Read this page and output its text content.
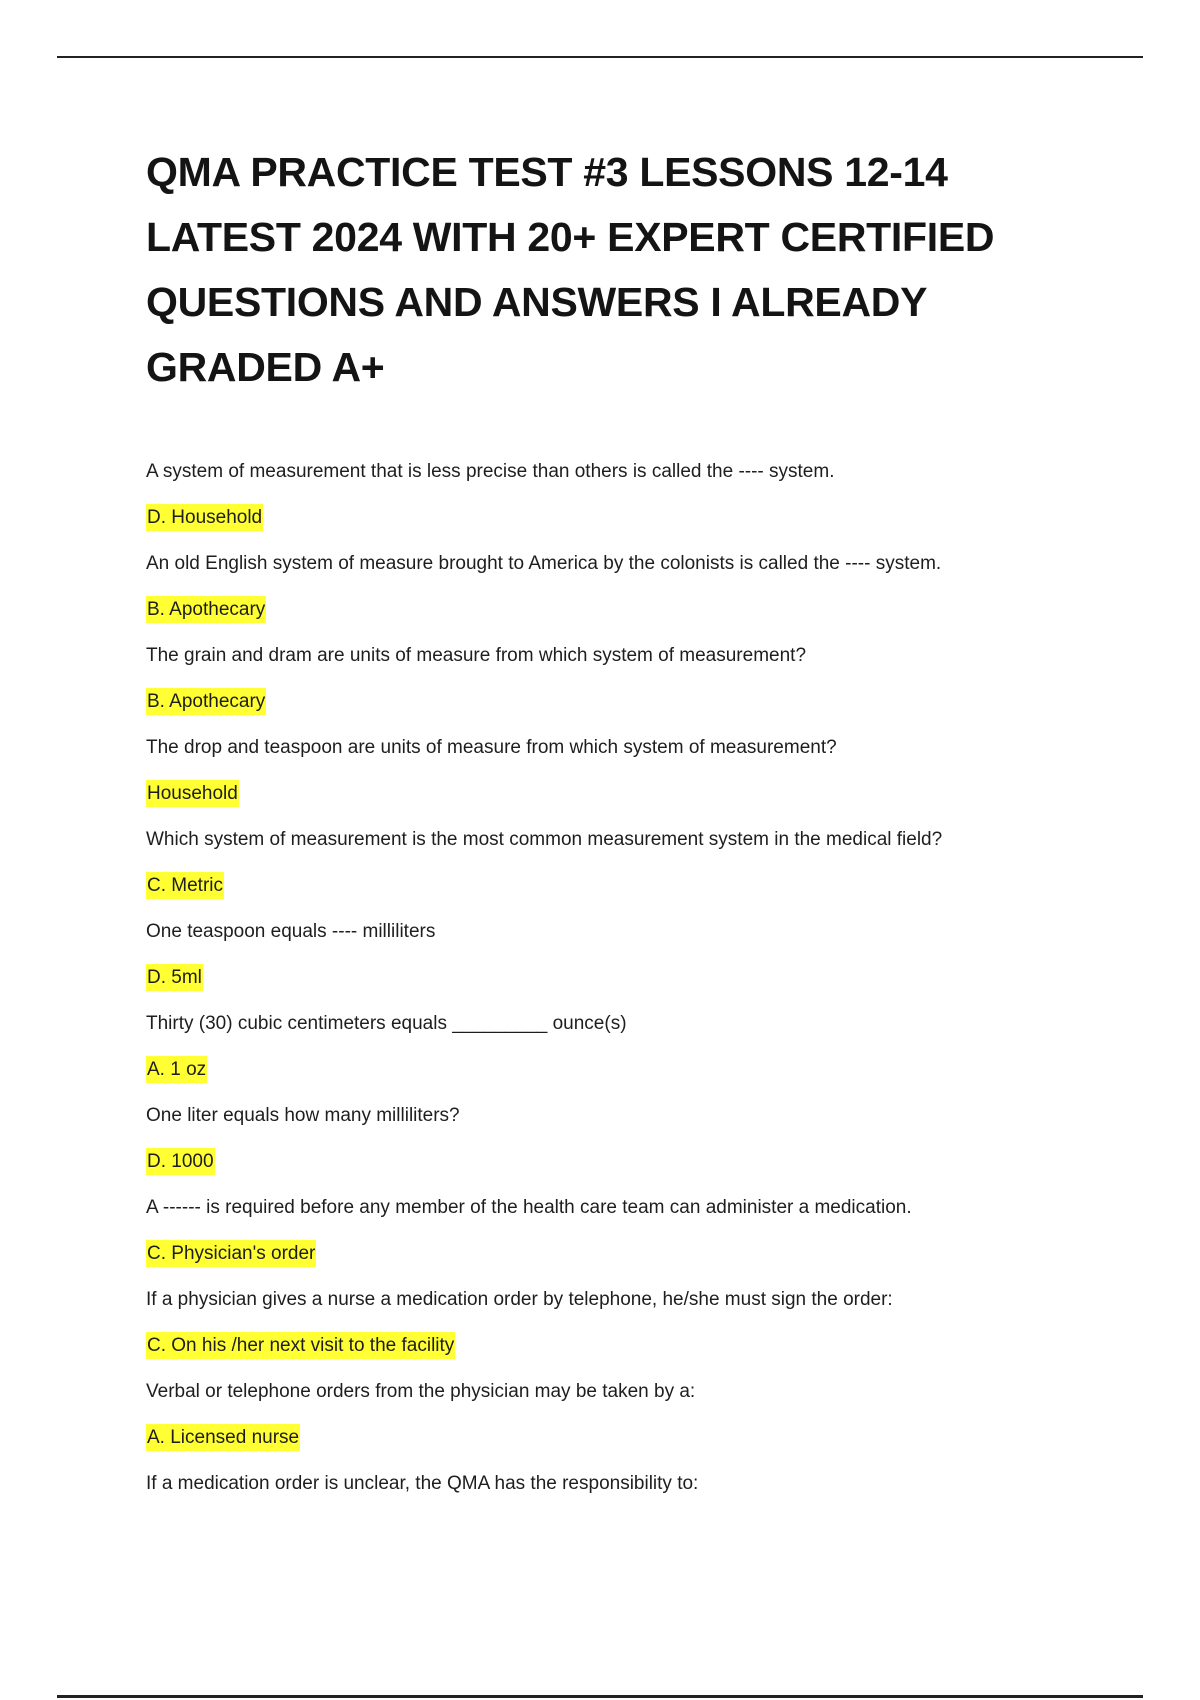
QMA PRACTICE TEST #3 LESSONS 12-14 LATEST 2024 WITH 20+ EXPERT CERTIFIED QUESTIONS AND ANSWERS I ALREADY GRADED A+
A system of measurement that is less precise than others is called the ---- system.
D. Household
An old English system of measure brought to America by the colonists is called the ---- system.
B. Apothecary
The grain and dram are units of measure from which system of measurement?
B. Apothecary
The drop and teaspoon are units of measure from which system of measurement?
Household
Which system of measurement is the most common measurement system in the medical field?
C. Metric
One teaspoon equals ---- milliliters
D. 5ml
Thirty (30) cubic centimeters equals _________ ounce(s)
A. 1 oz
One liter equals how many milliliters?
D. 1000
A ------ is required before any member of the health care team can administer a medication.
C. Physician's order
If a physician gives a nurse a medication order by telephone, he/she must sign the order:
C. On his /her next visit to the facility
Verbal or telephone orders from the physician may be taken by a:
A. Licensed nurse
If a medication order is unclear, the QMA has the responsibility to:
